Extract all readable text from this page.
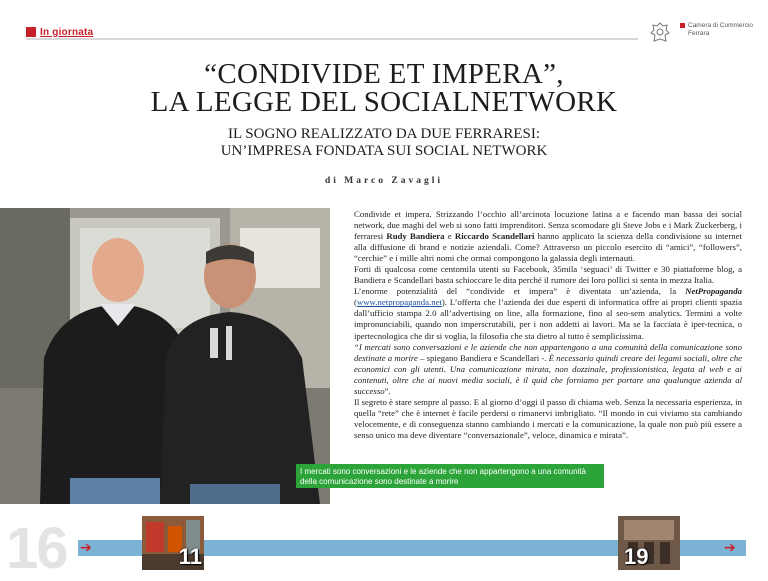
In giornata
Camera di Commercio
Ferrara
“CONDIVIDE ET IMPERA”,
LA LEGGE DEL SOCIALNETWORK
IL SOGNO REALIZZATO DA DUE FERRARESI:
UN’IMPRESA FONDATA SUI SOCIAL NETWORK
di Marco Zavagli
I mercati sono conversazioni e le aziende che non appartengono a una comunità della comunicazione sono destinate a morire

Condivide et impera. Strizzando l’occhio all’arcinota locuzione latina a e facendo man bassa dei social network, due maghi del web si sono fatti imprenditori. Senza scomodare gli Steve Jobs e i Mark Zuckerberg, i ferraresi Rudy Bandiera e Riccardo Scandellari hanno applicato la scienza della condivisione su internet alla diffusione di brand e notizie aziendali. Come? Attraverso un piccolo esercito di “amici”, “followers”, “cerchie” e i mille altri nomi che ormai compongono la galassia degli internauti.

Forti di qualcosa come centomila utenti su Facebook, 35mila ‘seguaci’ di Twitter e 30 piattaforme blog, a Bandiera e Scandellari basta schioccare le dita perché il rumore dei loro pollici si senta in mezza Italia.

L’enorme potenzialità del “condivide et impera” è diventata un’azienda, la NetPropaganda (www.netpropaganda.net). L’offerta che l’azienda dei due esperti di informatica offre ai propri clienti spazia dall’ufficio stampa 2.0 all’advertising on line, alla formazione, fino al seo-sem analytics. Termini a volte impronunciabili, quando non imperscrutabili, per i non addetti ai lavori. Ma se la facciata è iper-tecnica, o ipertecnologica che dir si voglia, la filosofia che sta dietro al tutto è semplicissima.

“I mercati sono conversazioni e le aziende che non appartengono a una comunità della comunicazione sono destinate a morire – spiegano Bandiera e Scandellari -. È necessario quindi creare dei legami sociali, oltre che economici con gli utenti. Una comunicazione mirata, non dozzinale, professionistica, legata al web e ai contenuti, oltre che ai nuovi media sociali, è il quid che forniamo per portare una qualunque azienda al successo”.

Il segreto è stare sempre al passo. E al giorno d’oggi il passo di chiama web. Senza la necessaria esperienza, in quella “rete” che è internet è facile perdersi o rimanervi imbrigliato. “Il mondo in cui viviamo sta cambiando velocemente, e di conseguenza stanno cambiando i mercati e la comunicazione, la quale non può più essere a senso unico ma deve diventare “conversazionale”, veloce, dinamica e mirata”.

16 ➔	➔
11	19
